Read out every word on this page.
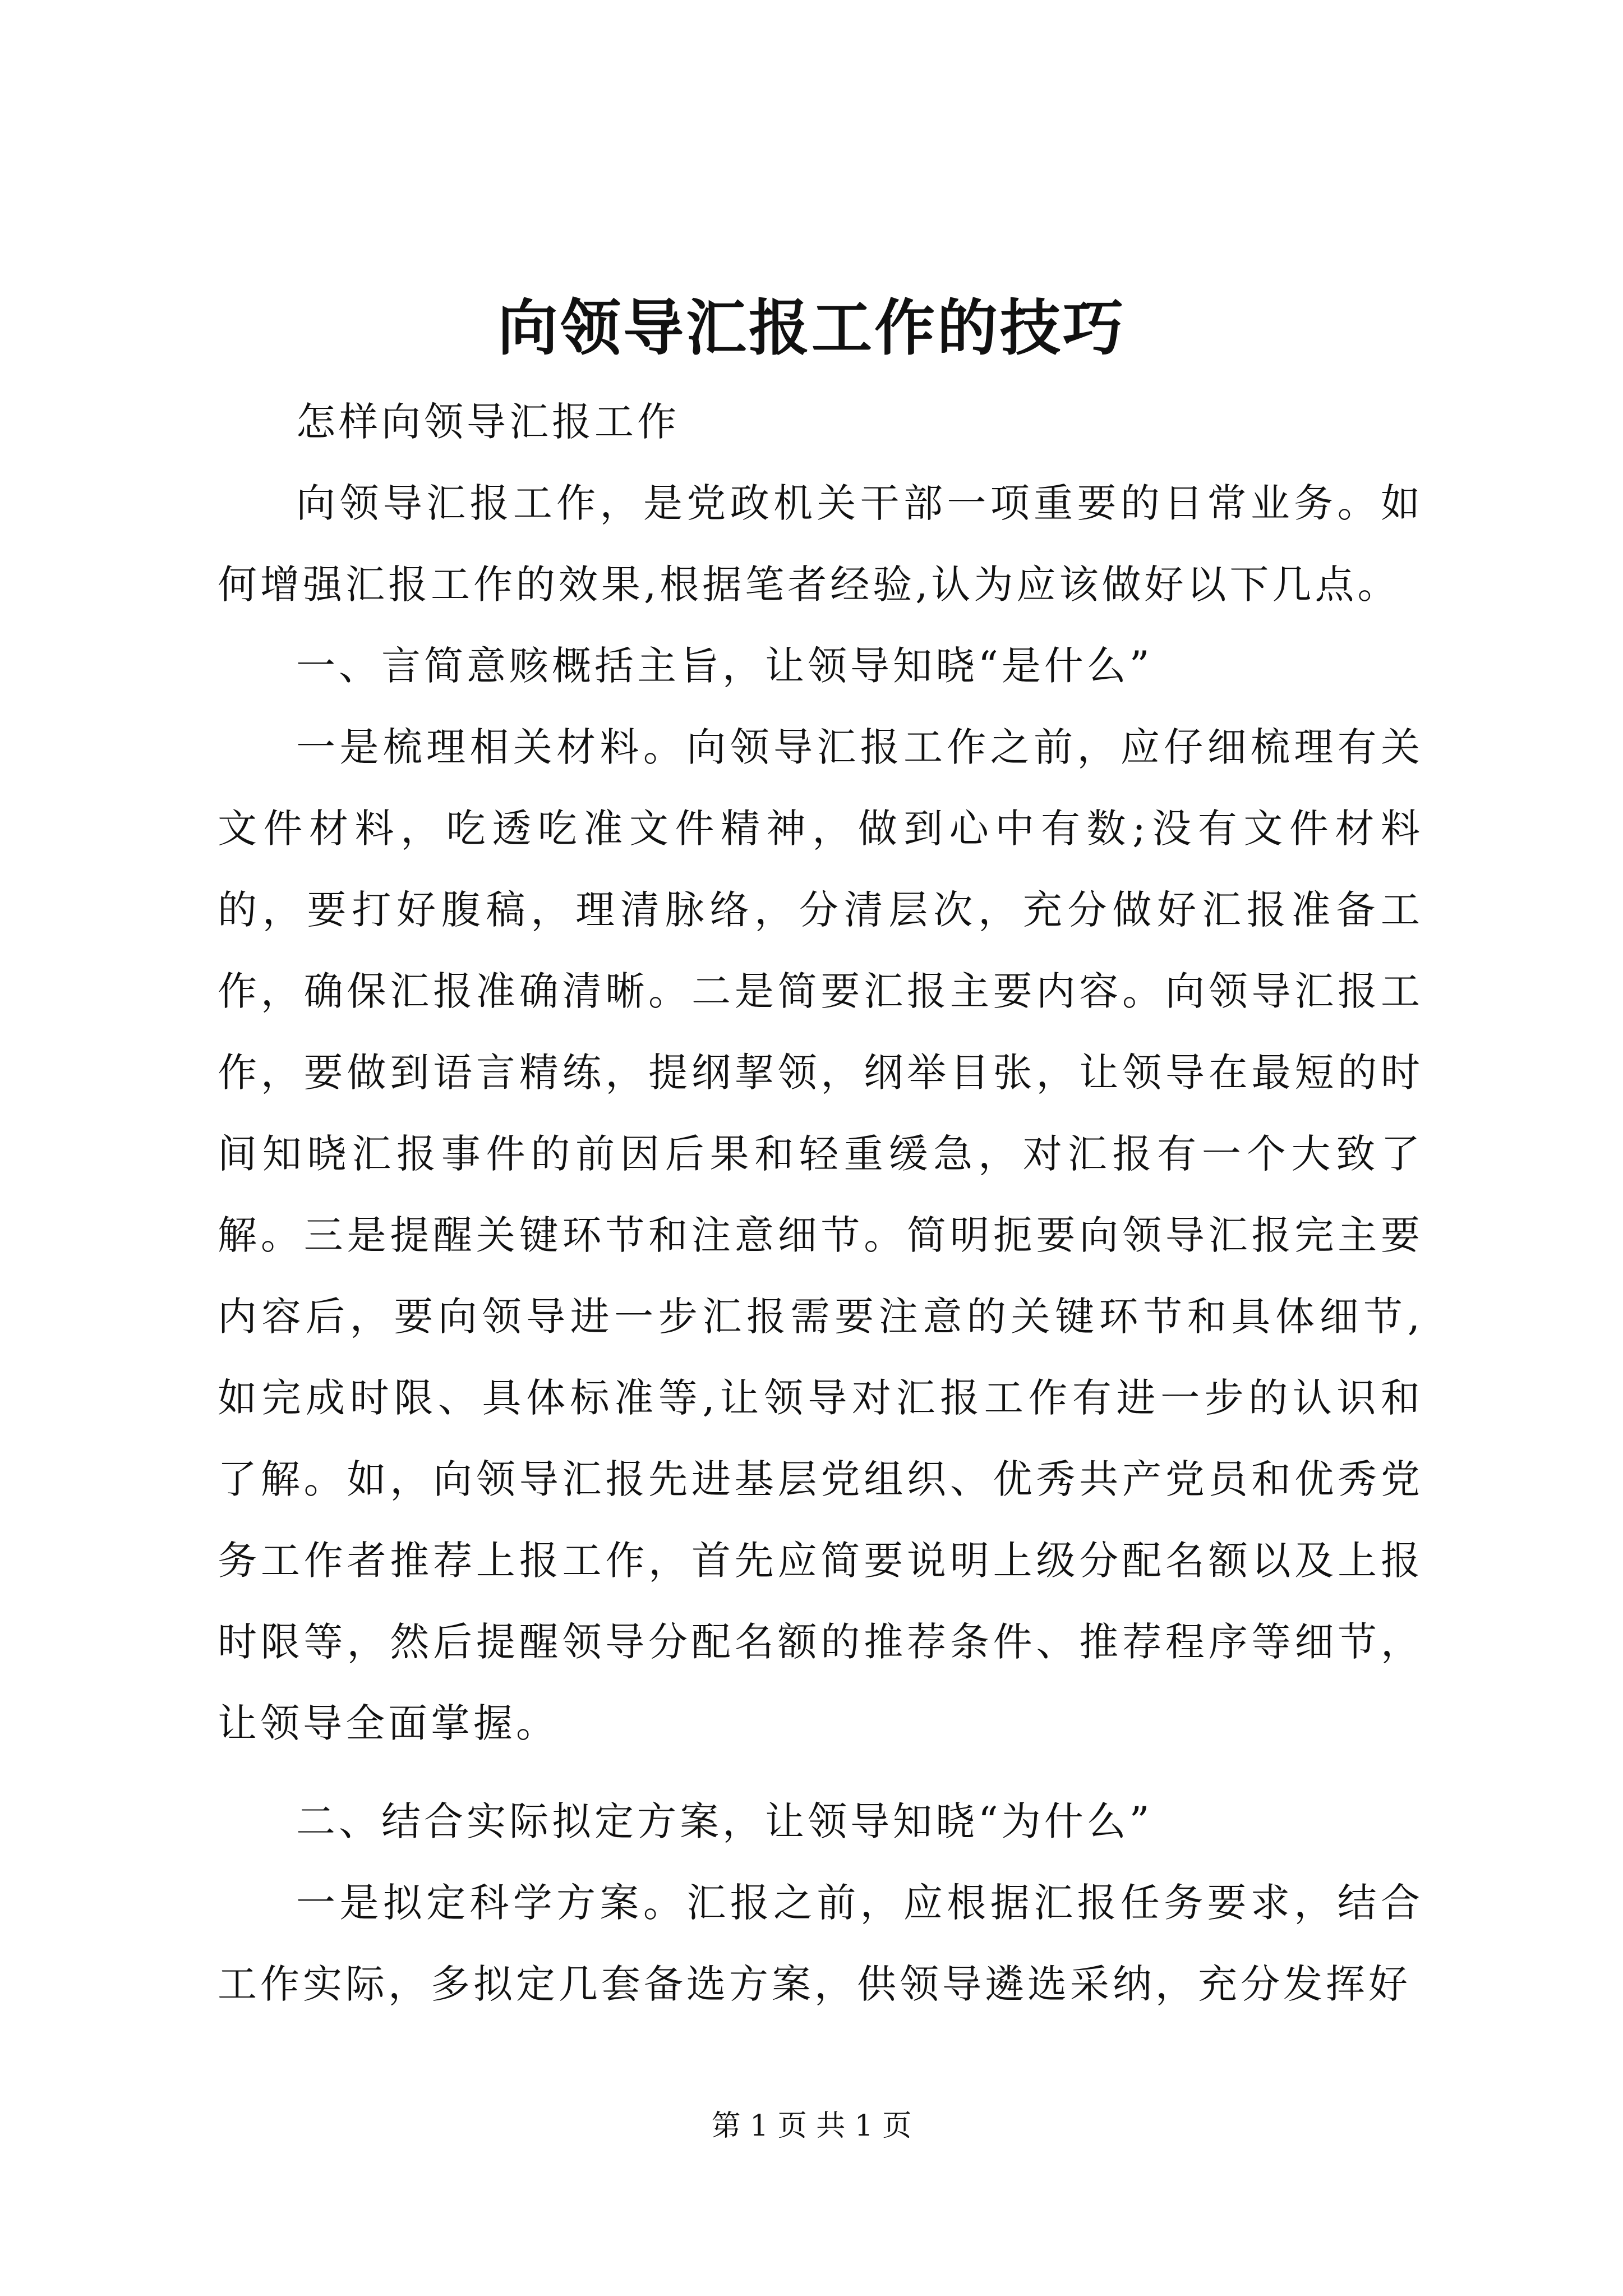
向领导汇报工作的技巧

怎样向领导汇报工作

向领导汇报工作，是党政机关干部一项重要的日常业务。如何增强汇报工作的效果,根据笔者经验,认为应该做好以下几点。

一、言简意赅概括主旨，让领导知晓“是什么”

一是梳理相关材料。向领导汇报工作之前，应仔细梳理有关文件材料，吃透吃准文件精神，做到心中有数;没有文件材料的，要打好腹稿，理清脉络，分清层次，充分做好汇报准备工作，确保汇报准确清晰。二是简要汇报主要内容。向领导汇报工作，要做到语言精练，提纲挈领，纲举目张，让领导在最短的时间知晓汇报事件的前因后果和轻重缓急，对汇报有一个大致了解。三是提醒关键环节和注意细节。简明扼要向领导汇报完主要内容后，要向领导进一步汇报需要注意的关键环节和具体细节,如完成时限、具体标准等,让领导对汇报工作有进一步的认识和了解。如，向领导汇报先进基层党组织、优秀共产党员和优秀党务工作者推荐上报工作，首先应简要说明上级分配名额以及上报时限等，然后提醒领导分配名额的推荐条件、推荐程序等细节，让领导全面掌握。

二、结合实际拟定方案，让领导知晓“为什么”

一是拟定科学方案。汇报之前，应根据汇报任务要求，结合工作实际，多拟定几套备选方案，供领导遴选采纳，充分发挥好

第 1 页 共 1 页
